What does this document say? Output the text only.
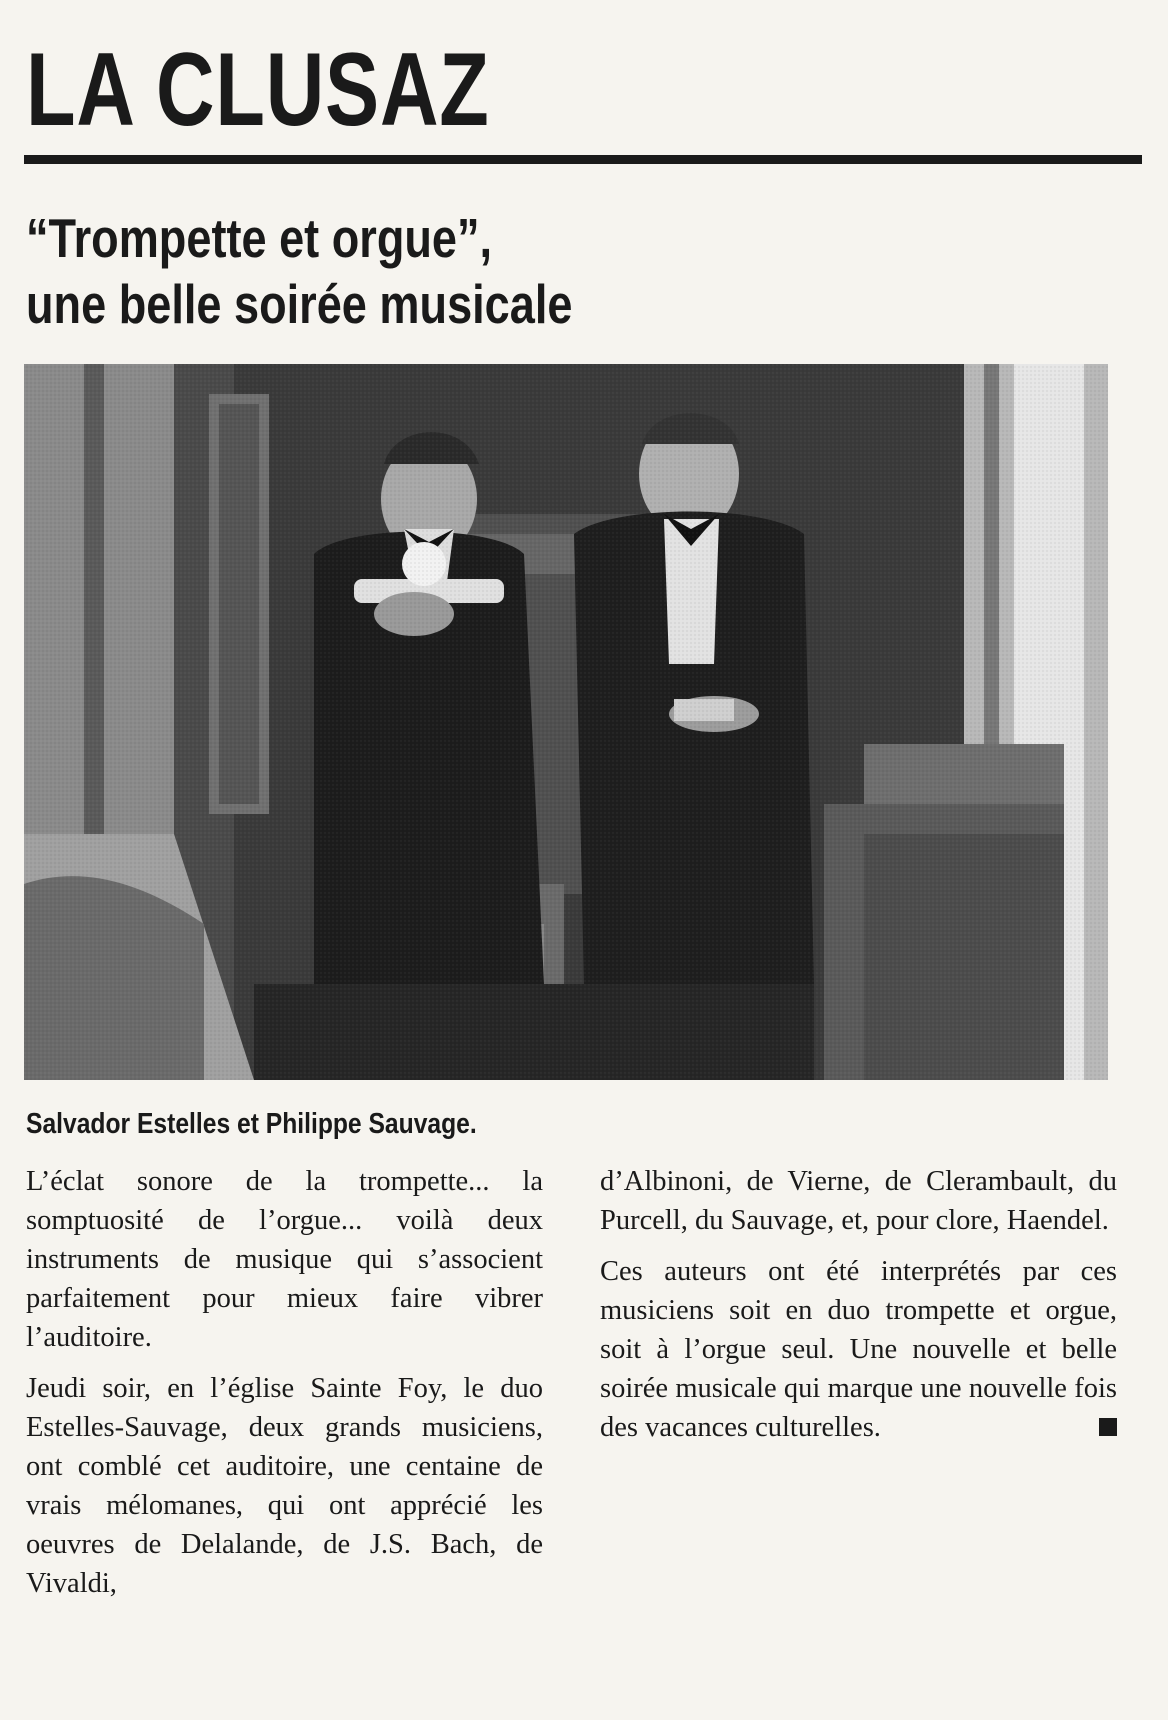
LA CLUSAZ
“Trompette et orgue”,
une belle soirée musicale
Salvador Estelles et Philippe Sauvage.

L’éclat sonore de la trompette... la somptuosité de l’orgue... voilà deux instruments de musique qui s’associent parfaitement pour mieux faire vibrer l’auditoire.

Jeudi soir, en l’église Sainte Foy, le duo Estelles-Sauvage, deux grands musiciens, ont comblé cet auditoire, une centaine de vrais mélomanes, qui ont apprécié les oeuvres de Delalande, de J.S. Bach, de Vivaldi,

d’Albinoni, de Vierne, de Clerambault, du Purcell, du Sauvage, et, pour clore, Haendel.

Ces auteurs ont été interprétés par ces musiciens soit en duo trompette et orgue, soit à l’orgue seul. Une nouvelle et belle soirée musicale qui marque une nouvelle fois des vacances culturelles.
